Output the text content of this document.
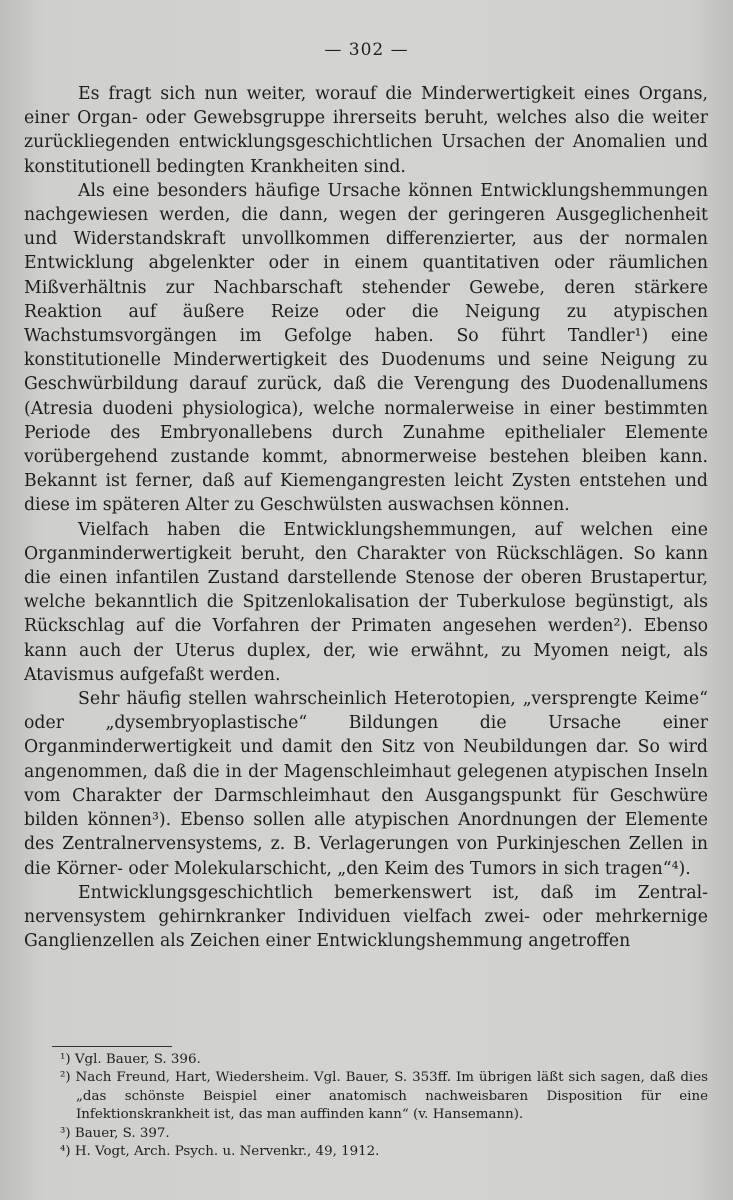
— 302 —

Es fragt sich nun weiter, worauf die Minderwertigkeit eines Organs, einer Organ- oder Gewebsgruppe ihrerseits beruht, welches also die weiter zurückliegenden entwicklungsgeschichtlichen Ursachen der Anomalien und konstitutionell bedingten Krankheiten sind.

Als eine besonders häufige Ursache können Entwicklungshemmungen nachgewiesen werden, die dann, wegen der geringeren Ausgeglichenheit und Widerstandskraft unvollkommen differenzierter, aus der normalen Entwicklung abgelenkter oder in einem quantitativen oder räumlichen Mißverhältnis zur Nachbarschaft stehender Gewebe, deren stärkere Reaktion auf äußere Reize oder die Neigung zu atypischen Wachstumsvorgängen im Gefolge haben. So führt Tandler¹) eine konstitutionelle Minderwertigkeit des Duodenums und seine Neigung zu Geschwürbildung darauf zurück, daß die Verengung des Duodenallumens (Atresia duodeni physiologica), welche normalerweise in einer bestimmten Periode des Embryonallebens durch Zunahme epithelialer Elemente vorübergehend zustande kommt, abnormerweise bestehen bleiben kann. Bekannt ist ferner, daß auf Kiemengangresten leicht Zysten entstehen und diese im späteren Alter zu Geschwülsten auswachsen können.

Vielfach haben die Entwicklungshemmungen, auf welchen eine Organminderwertigkeit beruht, den Charakter von Rückschlägen. So kann die einen infantilen Zustand darstellende Stenose der oberen Brustapertur, welche bekanntlich die Spitzenlokalisation der Tuberkulose begünstigt, als Rückschlag auf die Vorfahren der Primaten angesehen werden²). Ebenso kann auch der Uterus duplex, der, wie erwähnt, zu Myomen neigt, als Atavismus aufgefaßt werden.

Sehr häufig stellen wahrscheinlich Heterotopien, „versprengte Keime“ oder „dysembryoplastische“ Bildungen die Ursache einer Organminderwertigkeit und damit den Sitz von Neubildungen dar. So wird angenommen, daß die in der Magenschleimhaut gelegenen atypischen Inseln vom Charakter der Darmschleimhaut den Ausgangspunkt für Geschwüre bilden können³). Ebenso sollen alle atypischen Anordnungen der Elemente des Zentralnervensystems, z. B. Verlagerungen von Purkinjeschen Zellen in die Körner- oder Molekularschicht, „den Keim des Tumors in sich tragen“⁴).

Entwicklungsgeschichtlich bemerkenswert ist, daß im Zentralnervensystem gehirnkranker Individuen vielfach zwei- oder mehrkernige Ganglienzellen als Zeichen einer Entwicklungshemmung angetroffen

¹) Vgl. Bauer, S. 396.

²) Nach Freund, Hart, Wiedersheim. Vgl. Bauer, S. 353ff. Im übrigen läßt sich sagen, daß dies „das schönste Beispiel einer anatomisch nachweisbaren Disposition für eine Infektionskrankheit ist, das man auffinden kann“ (v. Hansemann).

³) Bauer, S. 397.

⁴) H. Vogt, Arch. Psych. u. Nervenkr., 49, 1912.
